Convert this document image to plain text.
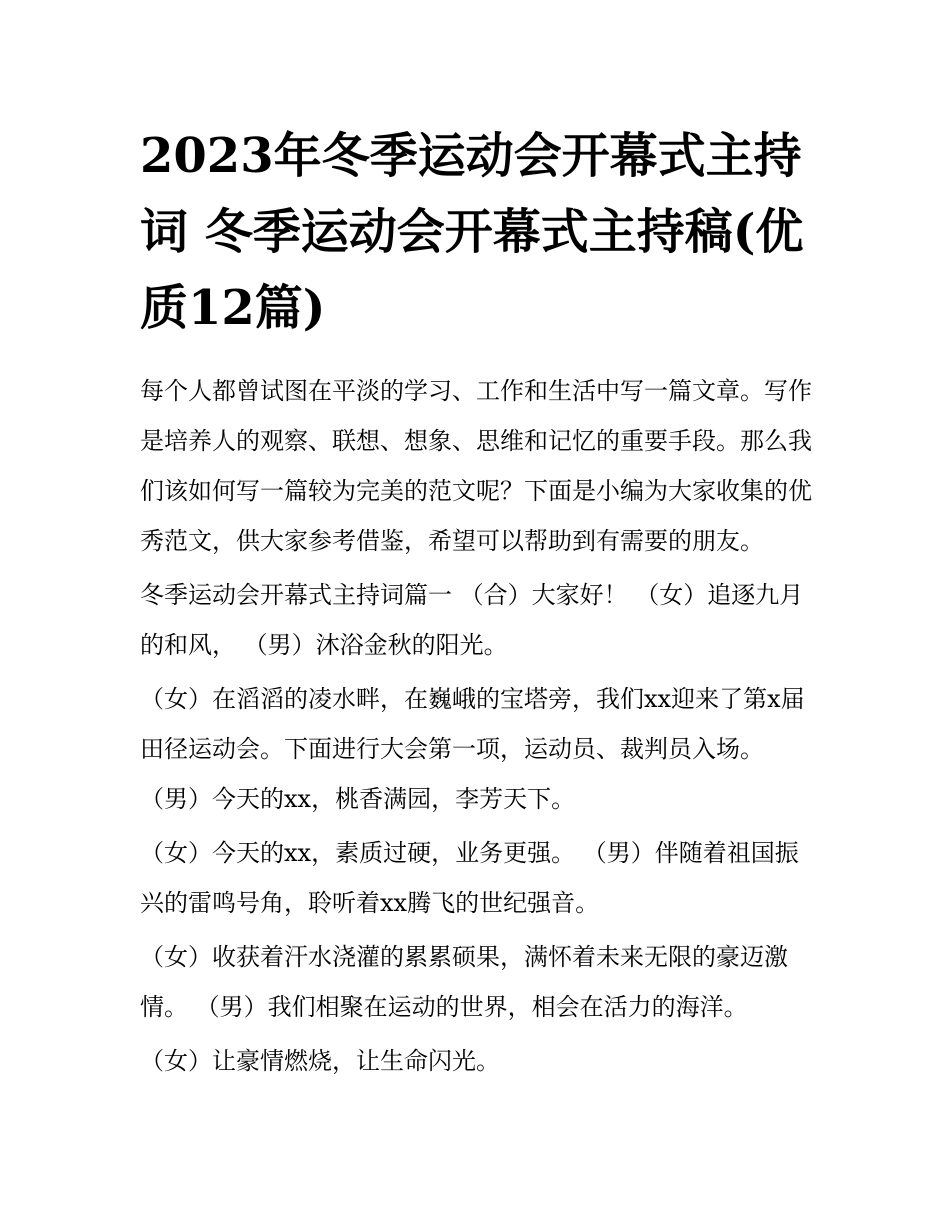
2023年冬季运动会开幕式主持词 冬季运动会开幕式主持稿(优质12篇)

每个人都曾试图在平淡的学习、工作和生活中写一篇文章。写作是培养人的观察、联想、想象、思维和记忆的重要手段。那么我们该如何写一篇较为完美的范文呢？下面是小编为大家收集的优秀范文，供大家参考借鉴，希望可以帮助到有需要的朋友。

冬季运动会开幕式主持词篇一 （合）大家好！ （女）追逐九月的和风， （男）沐浴金秋的阳光。

（女）在滔滔的凌水畔，在巍峨的宝塔旁，我们xx迎来了第x届田径运动会。下面进行大会第一项，运动员、裁判员入场。 （男）今天的xx，桃香满园，李芳天下。

（女）今天的xx，素质过硬，业务更强。 （男）伴随着祖国振兴的雷鸣号角，聆听着xx腾飞的世纪强音。

（女）收获着汗水浇灌的累累硕果，满怀着未来无限的豪迈激情。 （男）我们相聚在运动的世界，相会在活力的海洋。

（女）让豪情燃烧，让生命闪光。
